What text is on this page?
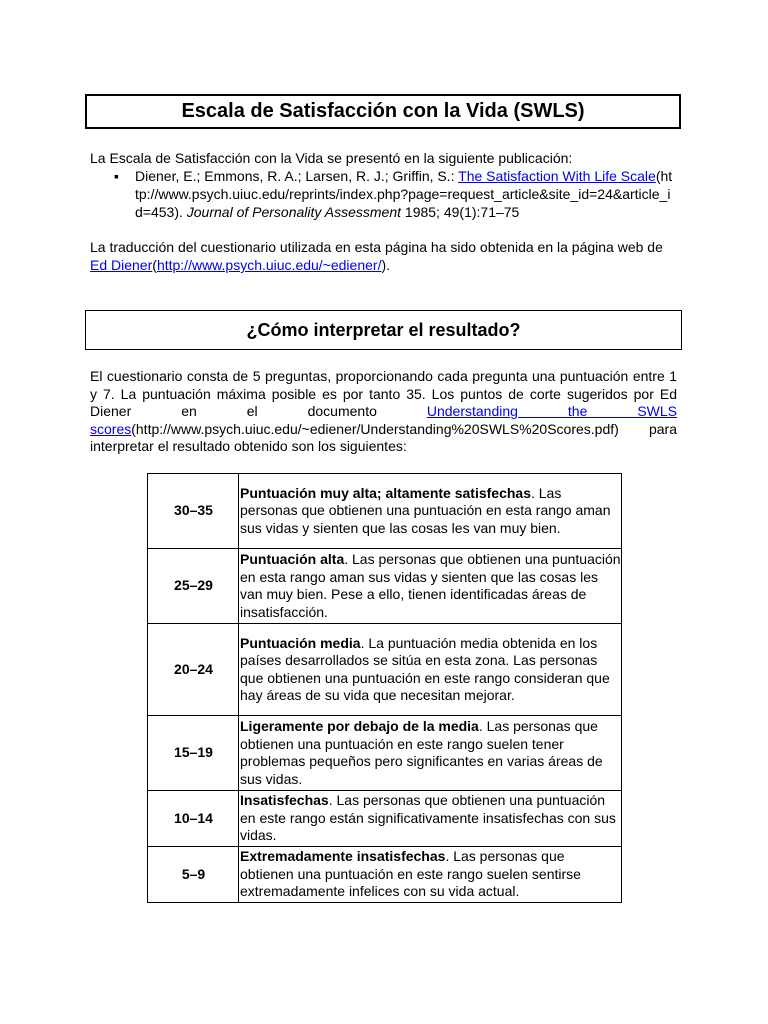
Escala de Satisfacción con la Vida (SWLS)
La Escala de Satisfacción con la Vida se presentó en la siguiente publicación:
▪ Diener, E.; Emmons, R. A.; Larsen, R. J.; Griffin, S.: The Satisfaction With Life Scale(http://www.psych.uiuc.edu/reprints/index.php?page=request_article&site_id=24&article_id=453). Journal of Personality Assessment 1985; 49(1):71–75
La traducción del cuestionario utilizada en esta página ha sido obtenida en la página web de Ed Diener(http://www.psych.uiuc.edu/~ediener/).
¿Cómo interpretar el resultado?
El cuestionario consta de 5 preguntas, proporcionando cada pregunta una puntuación entre 1 y 7. La puntuación máxima posible es por tanto 35. Los puntos de corte sugeridos por Ed Diener en el documento Understanding the SWLS scores(http://www.psych.uiuc.edu/~ediener/Understanding%20SWLS%20Scores.pdf) para interpretar el resultado obtenido son los siguientes:
30–35	Puntuación muy alta; altamente satisfechas. Las personas que obtienen una puntuación en esta rango aman sus vidas y sienten que las cosas les van muy bien.
25–29	Puntuación alta. Las personas que obtienen una puntuación en esta rango aman sus vidas y sienten que las cosas les van muy bien. Pese a ello, tienen identificadas áreas de insatisfacción.
20–24	Puntuación media. La puntuación media obtenida en los países desarrollados se sitúa en esta zona. Las personas que obtienen una puntuación en este rango consideran que hay áreas de su vida que necesitan mejorar.
15–19	Ligeramente por debajo de la media. Las personas que obtienen una puntuación en este rango suelen tener problemas pequeños pero significantes en varias áreas de sus vidas.
10–14	Insatisfechas. Las personas que obtienen una puntuación en este rango están significativamente insatisfechas con sus vidas.
5–9	Extremadamente insatisfechas. Las personas que obtienen una puntuación en este rango suelen sentirse extremadamente infelices con su vida actual.
